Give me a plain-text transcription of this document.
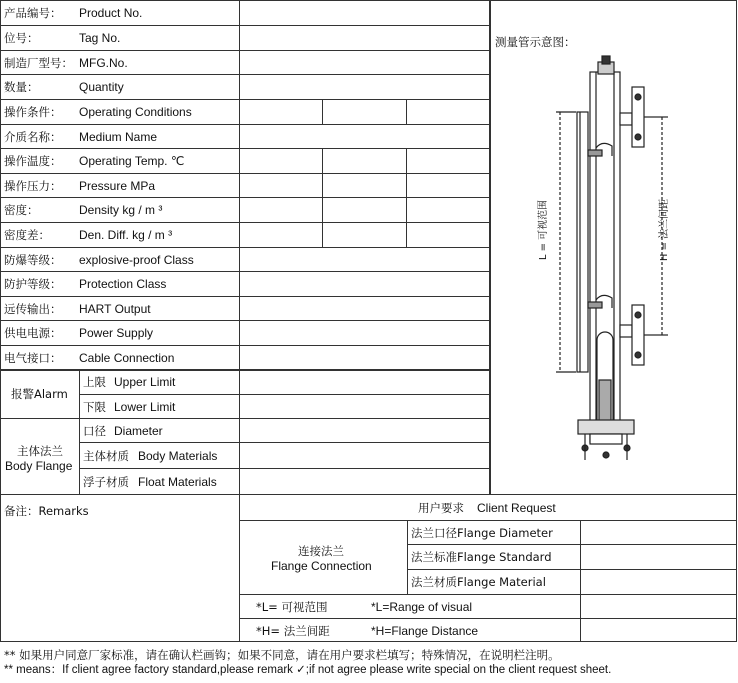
产品编号： Product No.
位号：	Tag No.
制造厂型号： MFG.No.
数量：	Quantity
操作条件： Operating Conditions
介质名称： Medium Name
操作温度： Operating Temp. ℃
操作压力： Pressure MPa
密度：	Density kg / m ³
密度差： Den. Diff. kg / m ³
防爆等级： explosive-proof Class
防护等级： Protection Class
远传输出： HART Output
供电电源： Power Supply
电气接口： Cable Connection
报警Alarm
上限 Upper Limit
下限 Lower Limit
主体法兰
Body Flange
口径 Diameter
主体材质 Body Materials
浮子材质 Float Materials
测量管示意图：
L = 可视范围	H = 法兰间距
备注：Remarks	用户要求 Client Request
连接法兰
Flange Connection
法兰口径Flange Diameter
法兰标准Flange Standard
法兰材质Flange Material
*L= 可视范围	*L=Range of visual
*H= 法兰间距	*H=Flange Distance
** 如果用户同意厂家标准，请在确认栏画钩；如果不同意，请在用户要求栏填写；特殊情况，在说明栏注明。
** means：If client agree factory standard,please remark ✓;if not agree please write special on the client request sheet.
